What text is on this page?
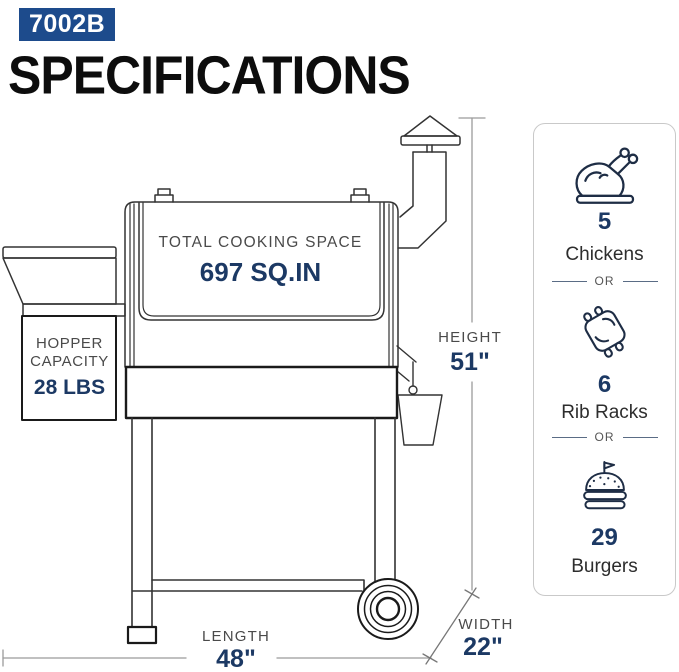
7002B
SPECIFICATIONS
TOTAL COOKING SPACE
697 SQ.IN
HOPPER
CAPACITY
28 LBS
HEIGHT
51"
LENGTH
48"
WIDTH
22"
5
Chickens
OR
6
Rib Racks
OR
29
Burgers
